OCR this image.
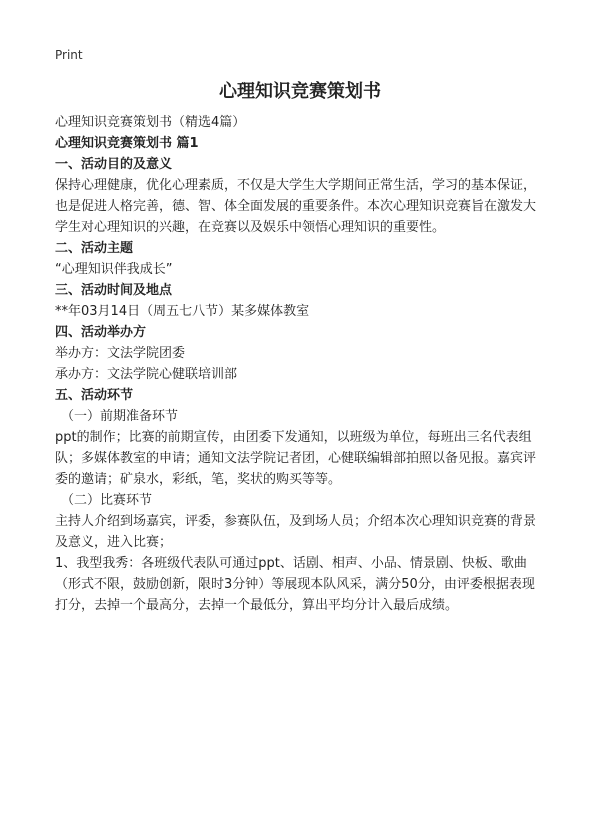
Print
心理知识竞赛策划书

心理知识竞赛策划书（精选4篇）

心理知识竞赛策划书 篇1

一、活动目的及意义

保持心理健康，优化心理素质，不仅是大学生大学期间正常生活，学习的基本保证，也是促进人格完善，德、智、体全面发展的重要条件。本次心理知识竞赛旨在激发大学生对心理知识的兴趣，在竞赛以及娱乐中领悟心理知识的重要性。

二、活动主题

“心理知识伴我成长”

三、活动时间及地点

**年03月14日（周五七八节）某多媒体教室

四、活动举办方

举办方：文法学院团委

承办方：文法学院心健联培训部

五、活动环节

（一）前期准备环节

ppt的制作；比赛的前期宣传，由团委下发通知，以班级为单位，每班出三名代表组队；多媒体教室的申请；通知文法学院记者团，心健联编辑部拍照以备见报。嘉宾评委的邀请；矿泉水，彩纸，笔，奖状的购买等等。

（二）比赛环节

主持人介绍到场嘉宾，评委，参赛队伍，及到场人员；介绍本次心理知识竞赛的背景及意义，进入比赛；

1、我型我秀：各班级代表队可通过ppt、话剧、相声、小品、情景剧、快板、歌曲（形式不限，鼓励创新，限时3分钟）等展现本队风采，满分50分，由评委根据表现打分，去掉一个最高分，去掉一个最低分，算出平均分计入最后成绩。
